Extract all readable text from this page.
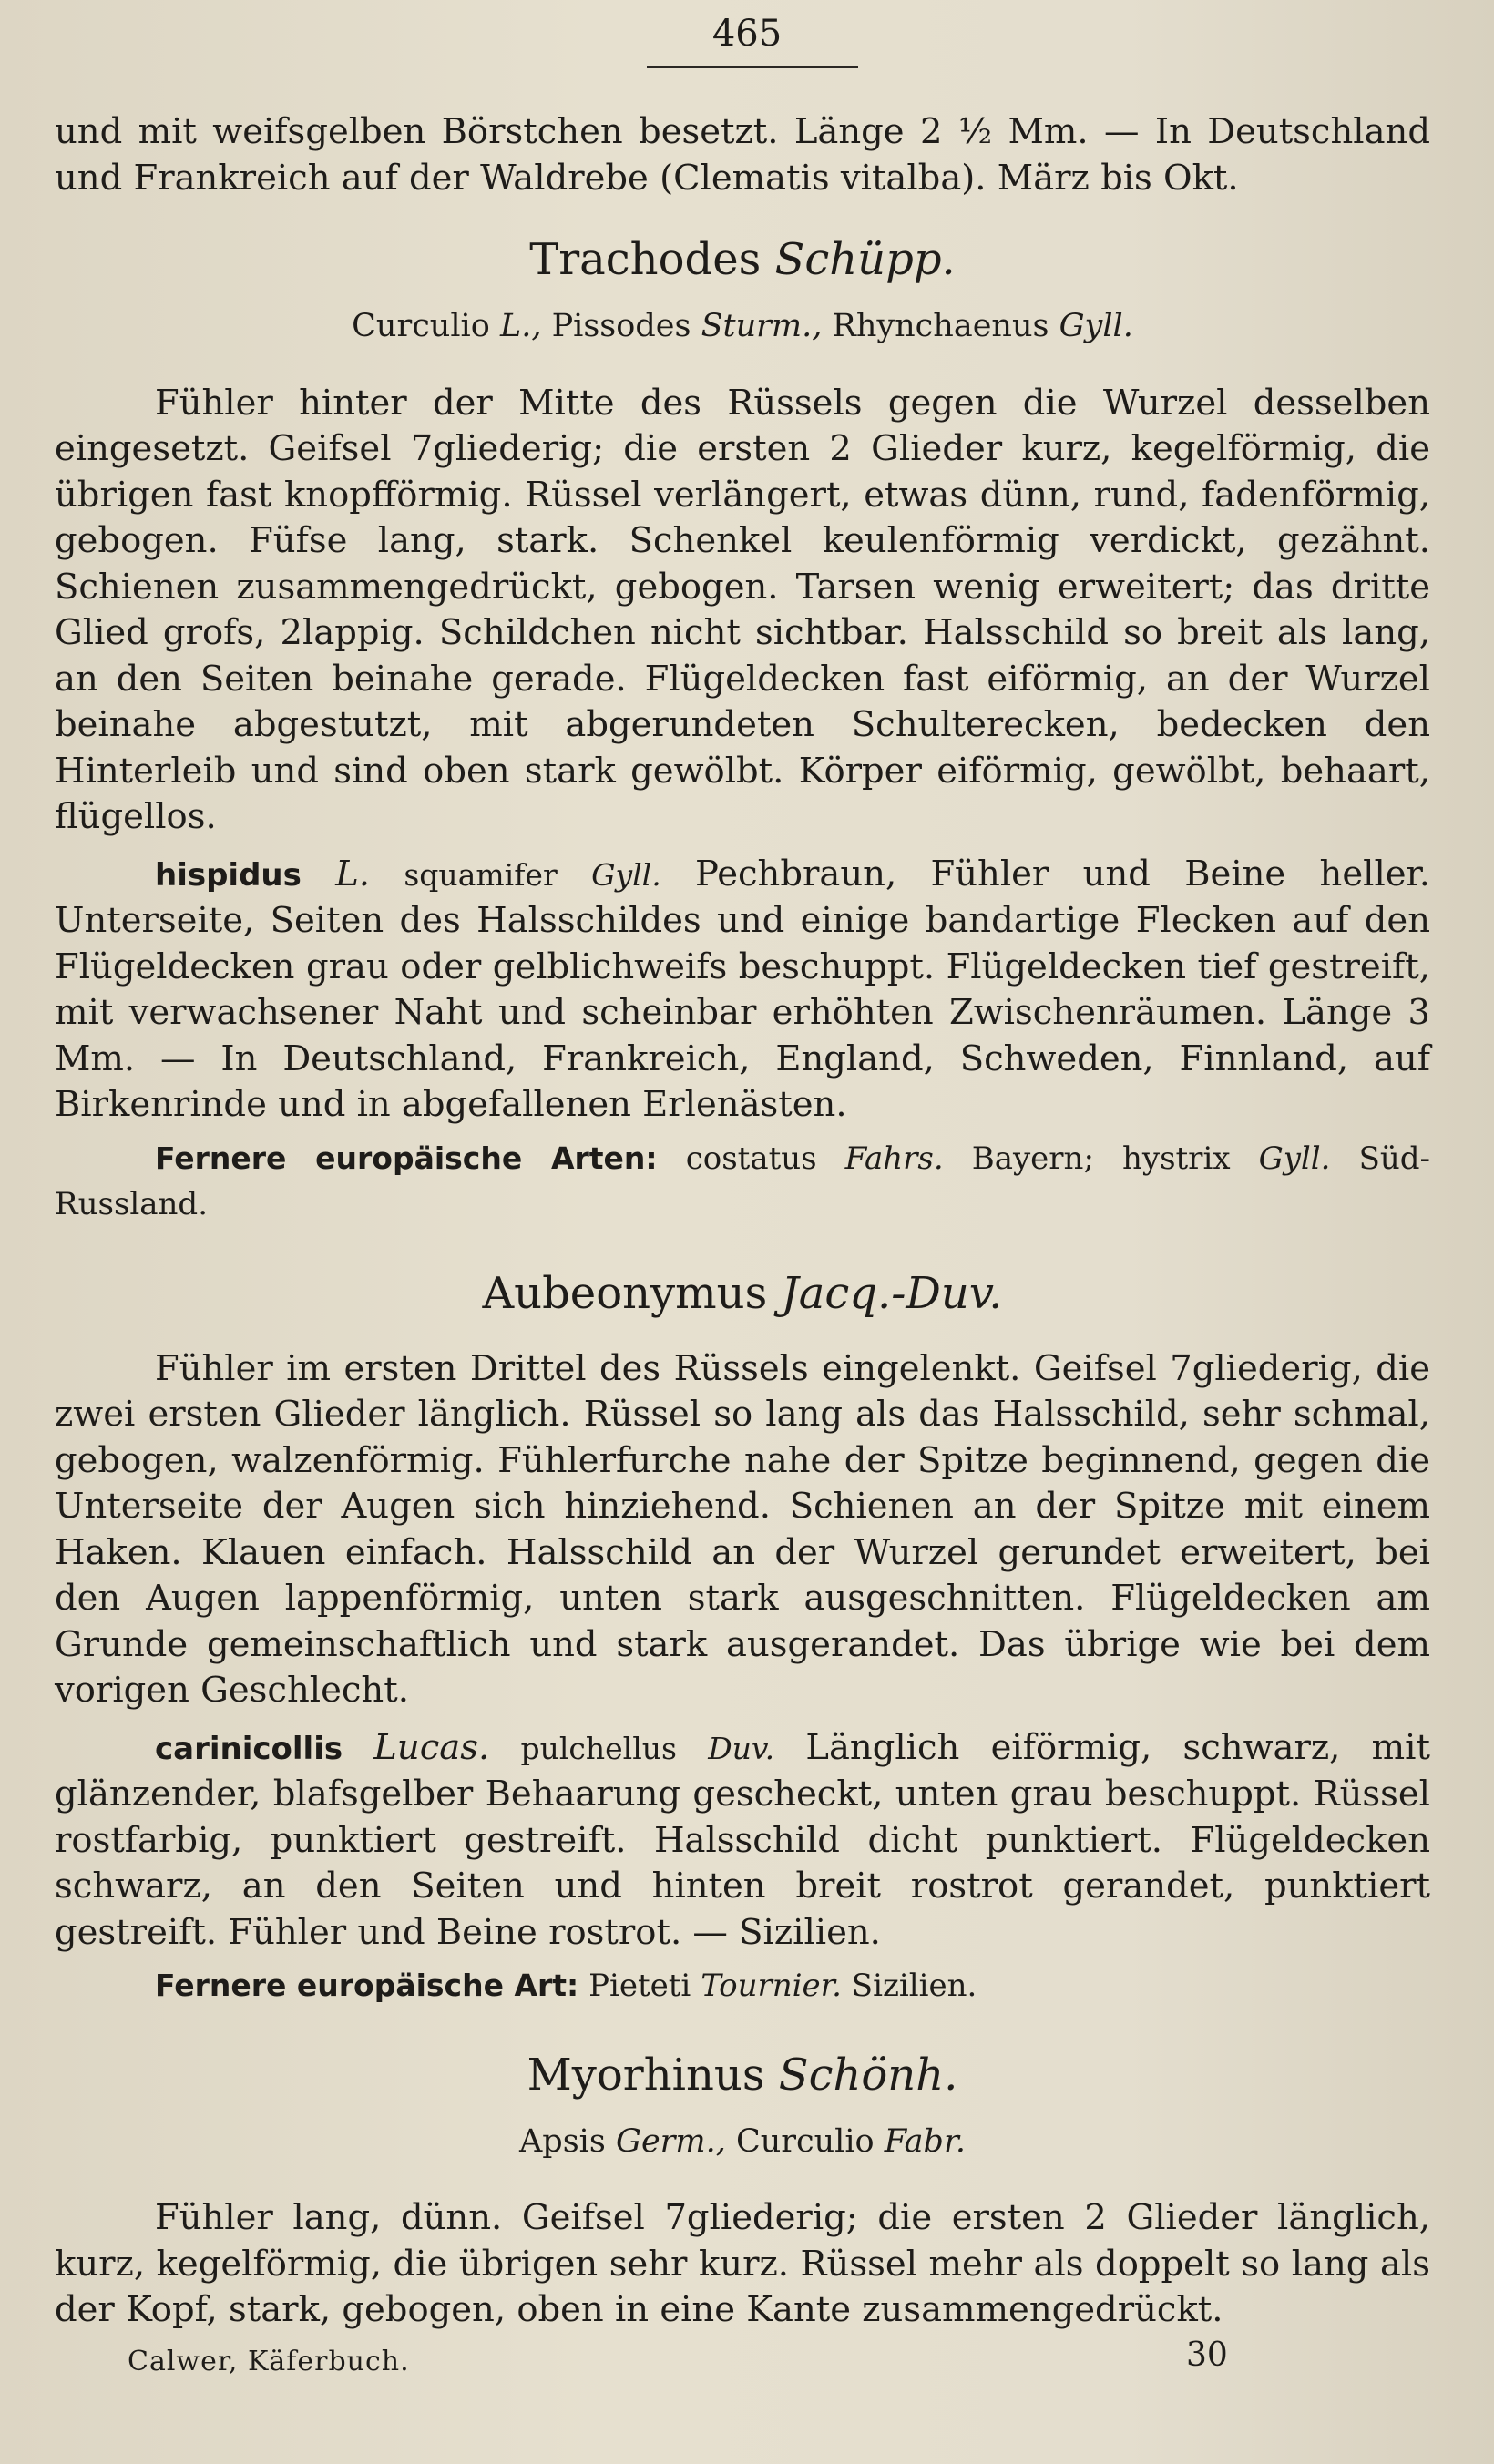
465

und mit weifsgelben Börstchen besetzt. Länge 2 ½ Mm. — In Deutschland und Frankreich auf der Waldrebe (Clematis vitalba). März bis Okt.

Trachodes Schüpp.
Curculio L., Pissodes Sturm., Rhynchaenus Gyll.

Fühler hinter der Mitte des Rüssels gegen die Wurzel desselben eingesetzt. Geifsel 7gliederig; die ersten 2 Glieder kurz, kegelförmig, die übrigen fast knopfförmig. Rüssel verlängert, etwas dünn, rund, fadenförmig, gebogen. Füfse lang, stark. Schenkel keulenförmig verdickt, gezähnt. Schienen zusammengedrückt, gebogen. Tarsen wenig erweitert; das dritte Glied grofs, 2lappig. Schildchen nicht sichtbar. Halsschild so breit als lang, an den Seiten beinahe gerade. Flügeldecken fast eiförmig, an der Wurzel beinahe abgestutzt, mit abgerundeten Schulterecken, bedecken den Hinterleib und sind oben stark gewölbt. Körper eiförmig, gewölbt, behaart, flügellos.

hispidus L. squamifer Gyll. Pechbraun, Fühler und Beine heller. Unterseite, Seiten des Halsschildes und einige bandartige Flecken auf den Flügeldecken grau oder gelblichweifs beschuppt. Flügeldecken tief gestreift, mit verwachsener Naht und scheinbar erhöhten Zwischenräumen. Länge 3 Mm. — In Deutschland, Frankreich, England, Schweden, Finnland, auf Birkenrinde und in abgefallenen Erlenästen.

Fernere europäische Arten: costatus Fahrs. Bayern; hystrix Gyll. Süd-Russland.

Aubeonymus Jacq.-Duv.

Fühler im ersten Drittel des Rüssels eingelenkt. Geifsel 7gliederig, die zwei ersten Glieder länglich. Rüssel so lang als das Halsschild, sehr schmal, gebogen, walzenförmig. Fühlerfurche nahe der Spitze beginnend, gegen die Unterseite der Augen sich hinziehend. Schienen an der Spitze mit einem Haken. Klauen einfach. Halsschild an der Wurzel gerundet erweitert, bei den Augen lappenförmig, unten stark ausgeschnitten. Flügeldecken am Grunde gemeinschaftlich und stark ausgerandet. Das übrige wie bei dem vorigen Geschlecht.

carinicollis Lucas. pulchellus Duv. Länglich eiförmig, schwarz, mit glänzender, blafsgelber Behaarung gescheckt, unten grau beschuppt. Rüssel rostfarbig, punktiert gestreift. Halsschild dicht punktiert. Flügeldecken schwarz, an den Seiten und hinten breit rostrot gerandet, punktiert gestreift. Fühler und Beine rostrot. — Sizilien.

Fernere europäische Art: Pieteti Tournier. Sizilien.

Myorhinus Schönh.
Apsis Germ., Curculio Fabr.

Fühler lang, dünn. Geifsel 7gliederig; die ersten 2 Glieder länglich, kurz, kegelförmig, die übrigen sehr kurz. Rüssel mehr als doppelt so lang als der Kopf, stark, gebogen, oben in eine Kante zusammengedrückt.

Calwer, Käferbuch.	30
